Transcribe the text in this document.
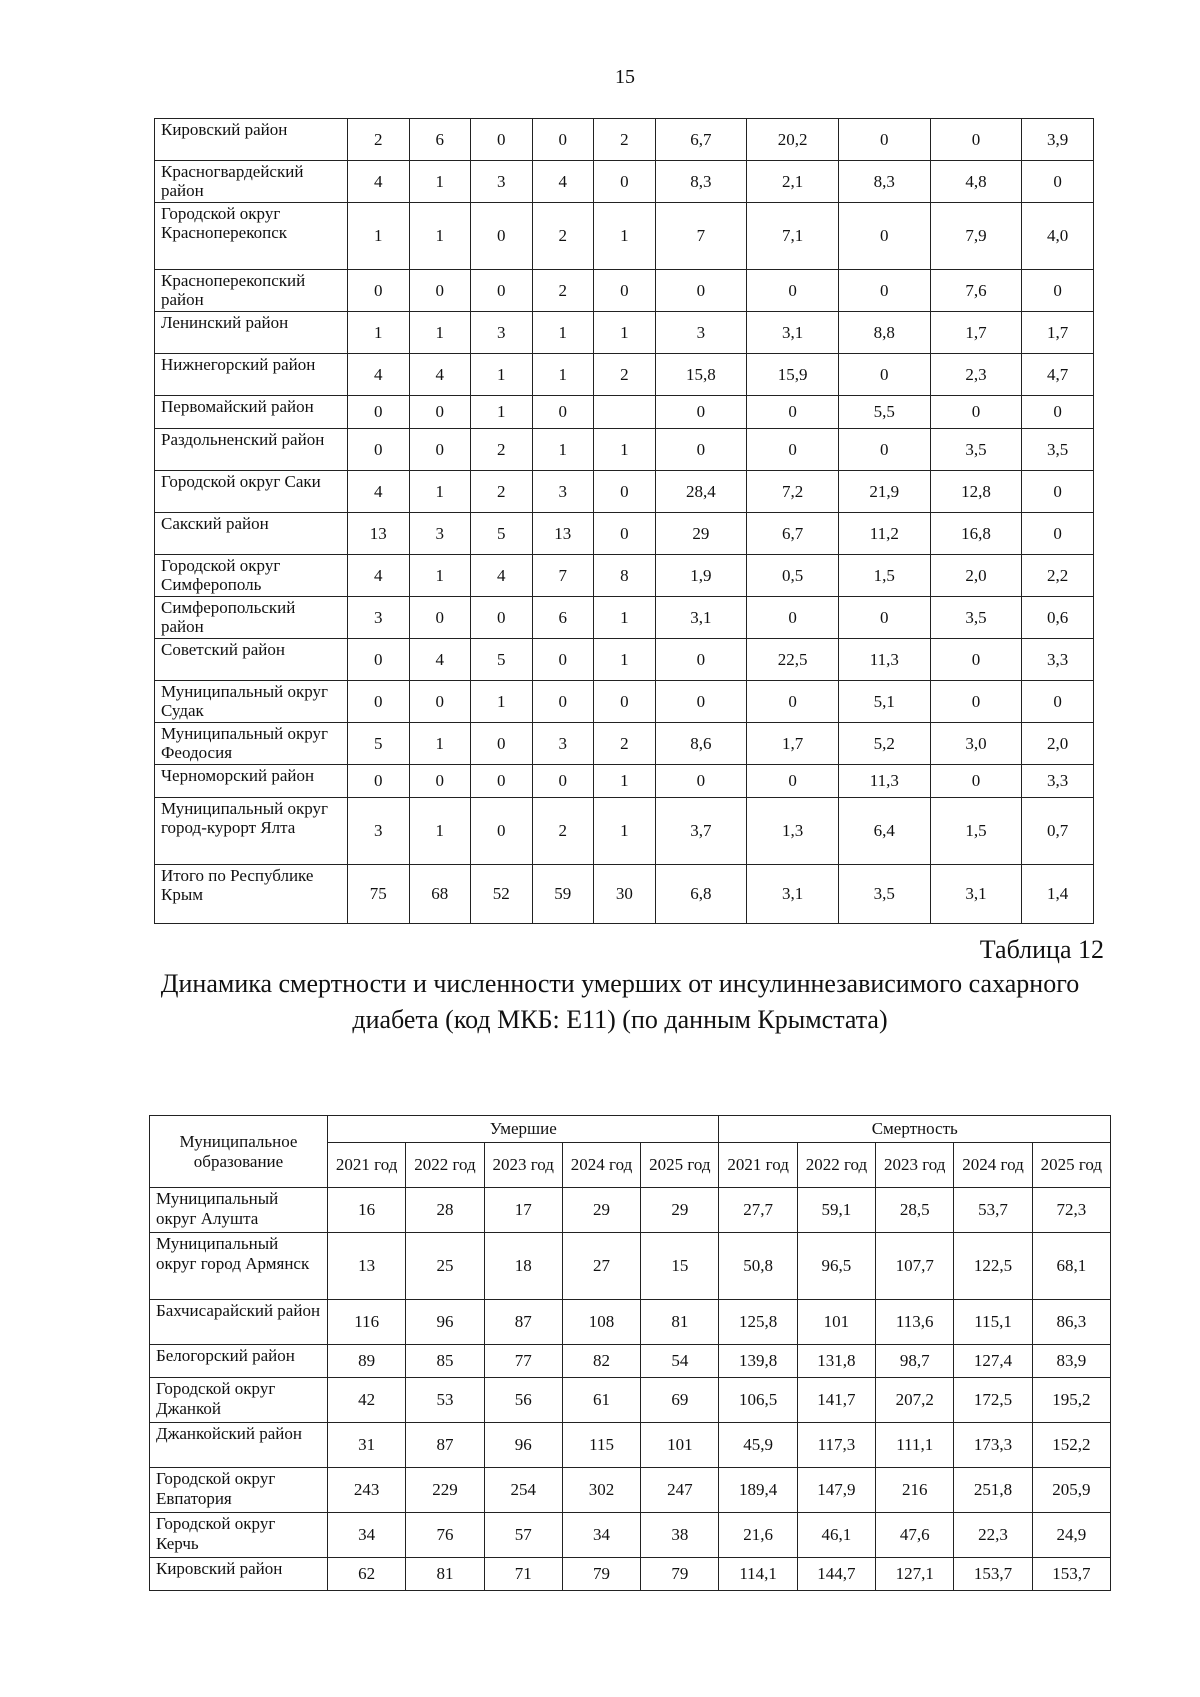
15
Кировский район	2	6	0	0	2	6,7	20,2	0	0	3,9
Красногвардейский район	4	1	3	4	0	8,3	2,1	8,3	4,8	0
Городской округ Красноперекопск	1	1	0	2	1	7	7,1	0	7,9	4,0
Красноперекопский район	0	0	0	2	0	0	0	0	7,6	0
Ленинский район	1	1	3	1	1	3	3,1	8,8	1,7	1,7
Нижнегорский район	4	4	1	1	2	15,8	15,9	0	2,3	4,7
Первомайский район	0	0	1	0		0	0	5,5	0	0
Раздольненский район	0	0	2	1	1	0	0	0	3,5	3,5
Городской округ Саки	4	1	2	3	0	28,4	7,2	21,9	12,8	0
Сакский район	13	3	5	13	0	29	6,7	11,2	16,8	0
Городской округ Симферополь	4	1	4	7	8	1,9	0,5	1,5	2,0	2,2
Симферопольский район	3	0	0	6	1	3,1	0	0	3,5	0,6
Советский район	0	4	5	0	1	0	22,5	11,3	0	3,3
Муниципальный округ Судак	0	0	1	0	0	0	0	5,1	0	0
Муниципальный округ Феодосия	5	1	0	3	2	8,6	1,7	5,2	3,0	2,0
Черноморский район	0	0	0	0	1	0	0	11,3	0	3,3
Муниципальный округ город-курорт Ялта	3	1	0	2	1	3,7	1,3	6,4	1,5	0,7
Итого по Республике Крым	75	68	52	59	30	6,8	3,1	3,5	3,1	1,4
Таблица 12
Динамика смертности и численности умерших от инсулиннезависимого сахарного диабета (код МКБ: E11) (по данным Крымстата)
Муниципальное образование	Умершие					Смертность				
	2021 год	2022 год	2023 год	2024 год	2025 год	2021 год	2022 год	2023 год	2024 год	2025 год
Муниципальный округ Алушта	16	28	17	29	29	27,7	59,1	28,5	53,7	72,3
Муниципальный округ город Армянск	13	25	18	27	15	50,8	96,5	107,7	122,5	68,1
Бахчисарайский район	116	96	87	108	81	125,8	101	113,6	115,1	86,3
Белогорский район	89	85	77	82	54	139,8	131,8	98,7	127,4	83,9
Городской округ Джанкой	42	53	56	61	69	106,5	141,7	207,2	172,5	195,2
Джанкойский район	31	87	96	115	101	45,9	117,3	111,1	173,3	152,2
Городской округ Евпатория	243	229	254	302	247	189,4	147,9	216	251,8	205,9
Городской округ Керчь	34	76	57	34	38	21,6	46,1	47,6	22,3	24,9
Кировский район	62	81	71	79	79	114,1	144,7	127,1	153,7	153,7
